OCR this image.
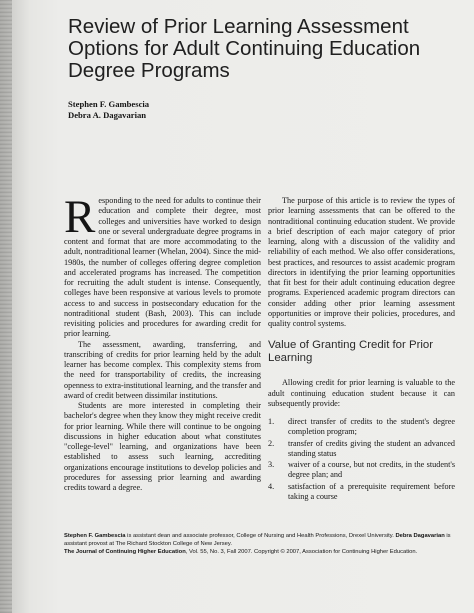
Review of Prior Learning Assessment
Options for Adult Continuing Education
Degree Programs
Stephen F. Gambescia
Debra A. Dagavarian

Responding to the need for adults to continue their education and complete their degree, most colleges and universities have worked to design one or several undergraduate degree programs in content and format that are more accommodating to the adult, nontraditional learner (Whelan, 2004). Since the mid-1980s, the number of colleges offering degree completion and accelerated programs has increased. The competition for recruiting the adult student is intense. Consequently, colleges have been responsive at various levels to promote access to and success in postsecondary education for the nontraditional student (Bash, 2003). This can include revisiting policies and procedures for awarding credit for prior learning.

The assessment, awarding, transferring, and transcribing of credits for prior learning held by the adult learner has become complex. This complexity stems from the need for transportability of credits, the increasing openness to extra-institutional learning, and the transfer and award of credit between dissimilar institutions.

Students are more interested in completing their bachelor's degree when they know they might receive credit for prior learning. While there will continue to be ongoing discussions in higher education about what constitutes "college-level" learning, and organizations have been established to assess such learning, accrediting organizations encourage institutions to develop policies and procedures for assessing prior learning and awarding credits toward a degree.

The purpose of this article is to review the types of prior learning assessments that can be offered to the nontraditional continuing education student. We provide a brief description of each major category of prior learning, along with a discussion of the validity and reliability of each method. We also offer considerations, best practices, and resources to assist academic program directors in identifying the prior learning opportunities that fit best for their adult continuing education degree programs. Experienced academic program directors can consider adding other prior learning assessment opportunities or improve their policies, procedures, and quality control systems.

Value of Granting Credit for Prior Learning

Allowing credit for prior learning is valuable to the adult continuing education student because it can subsequently provide:

1. direct transfer of credits to the student's degree completion program;
2. transfer of credits giving the student an advanced standing status
3. waiver of a course, but not credits, in the student's degree plan; and
4. satisfaction of a prerequisite requirement before taking a course

Stephen F. Gambescia is assistant dean and associate professor, College of Nursing and Health Professions, Drexel University. Debra Dagavarian is assistant provost at The Richard Stockton College of New Jersey.

The Journal of Continuing Higher Education, Vol. 55, No. 3, Fall 2007. Copyright © 2007, Association for Continuing Higher Education.
